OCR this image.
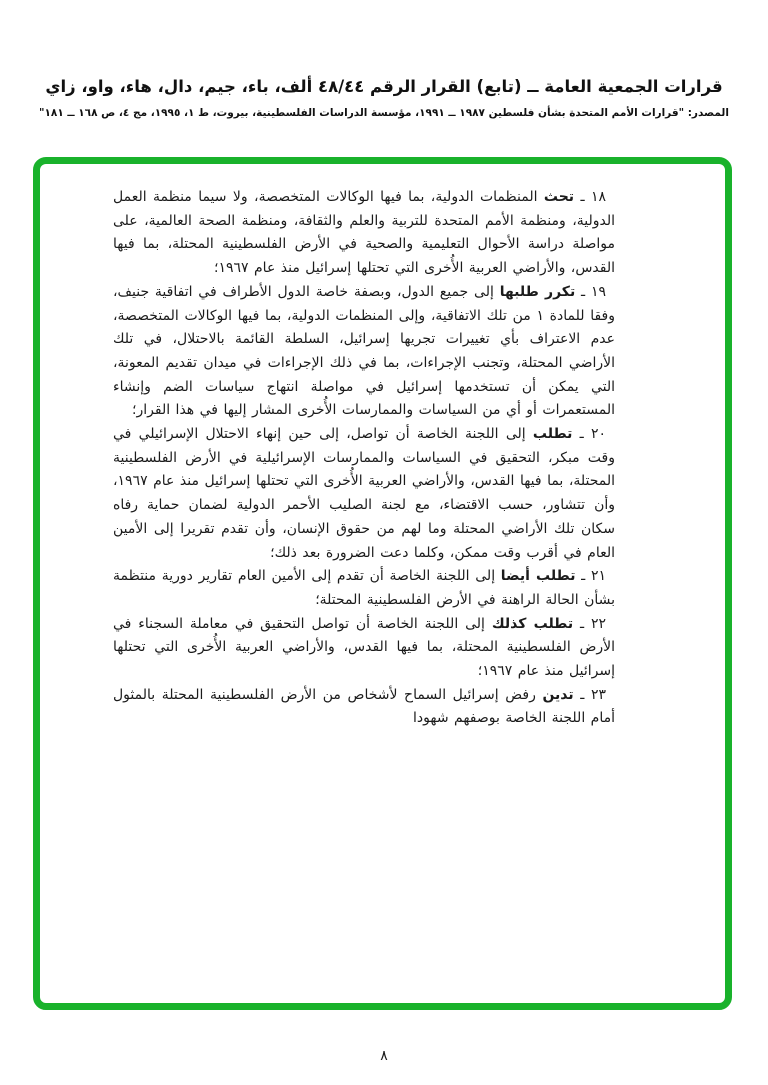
قرارات الجمعية العامة ــ (تابع) القرار الرقم ٤٨/٤٤ ألف، باء، جيم، دال، هاء، واو، زاي
المصدر: "قرارات الأمم المتحدة بشأن فلسطين ١٩٨٧ ــ ١٩٩١، مؤسسة الدراسات الفلسطينية، بيروت، ط ١، ١٩٩٥، مج ٤، ص ١٦٨ ــ ١٨١"

١٨ ـ تحث المنظمات الدولية، بما فيها الوكالات المتخصصة، ولا سيما منظمة العمل الدولية، ومنظمة الأمم المتحدة للتربية والعلم والثقافة، ومنظمة الصحة العالمية، على مواصلة دراسة الأحوال التعليمية والصحية في الأرض الفلسطينية المحتلة، بما فيها القدس، والأراضي العربية الأُخرى التي تحتلها إسرائيل منذ عام ١٩٦٧؛

١٩ ـ تكرر طلبها إلى جميع الدول، وبصفة خاصة الدول الأطراف في اتفاقية جنيف، وفقا للمادة ١ من تلك الاتفاقية، وإلى المنظمات الدولية، بما فيها الوكالات المتخصصة، عدم الاعتراف بأي تغييرات تجريها إسرائيل، السلطة القائمة بالاحتلال، في تلك الأراضي المحتلة، وتجنب الإجراءات، بما في ذلك الإجراءات في ميدان تقديم المعونة، التي يمكن أن تستخدمها إسرائيل في مواصلة انتهاج سياسات الضم وإنشاء المستعمرات أو أي من السياسات والممارسات الأُخرى المشار إليها في هذا القرار؛

٢٠ ـ تطلب إلى اللجنة الخاصة أن تواصل، إلى حين إنهاء الاحتلال الإسرائيلي في وقت مبكر، التحقيق في السياسات والممارسات الإسرائيلية في الأرض الفلسطينية المحتلة، بما فيها القدس، والأراضي العربية الأُخرى التي تحتلها إسرائيل منذ عام ١٩٦٧، وأن تتشاور، حسب الاقتضاء، مع لجنة الصليب الأحمر الدولية لضمان حماية رفاه سكان تلك الأراضي المحتلة وما لهم من حقوق الإنسان، وأن تقدم تقريرا إلى الأمين العام في أقرب وقت ممكن، وكلما دعت الضرورة بعد ذلك؛

٢١ ـ تطلب أيضا إلى اللجنة الخاصة أن تقدم إلى الأمين العام تقارير دورية منتظمة بشأن الحالة الراهنة في الأرض الفلسطينية المحتلة؛

٢٢ ـ تطلب كذلك إلى اللجنة الخاصة أن تواصل التحقيق في معاملة السجناء في الأرض الفلسطينية المحتلة، بما فيها القدس، والأراضي العربية الأُخرى التي تحتلها إسرائيل منذ عام ١٩٦٧؛

٢٣ ـ تدين رفض إسرائيل السماح لأشخاص من الأرض الفلسطينية المحتلة بالمثول أمام اللجنة الخاصة بوصفهم شهودا

٨
